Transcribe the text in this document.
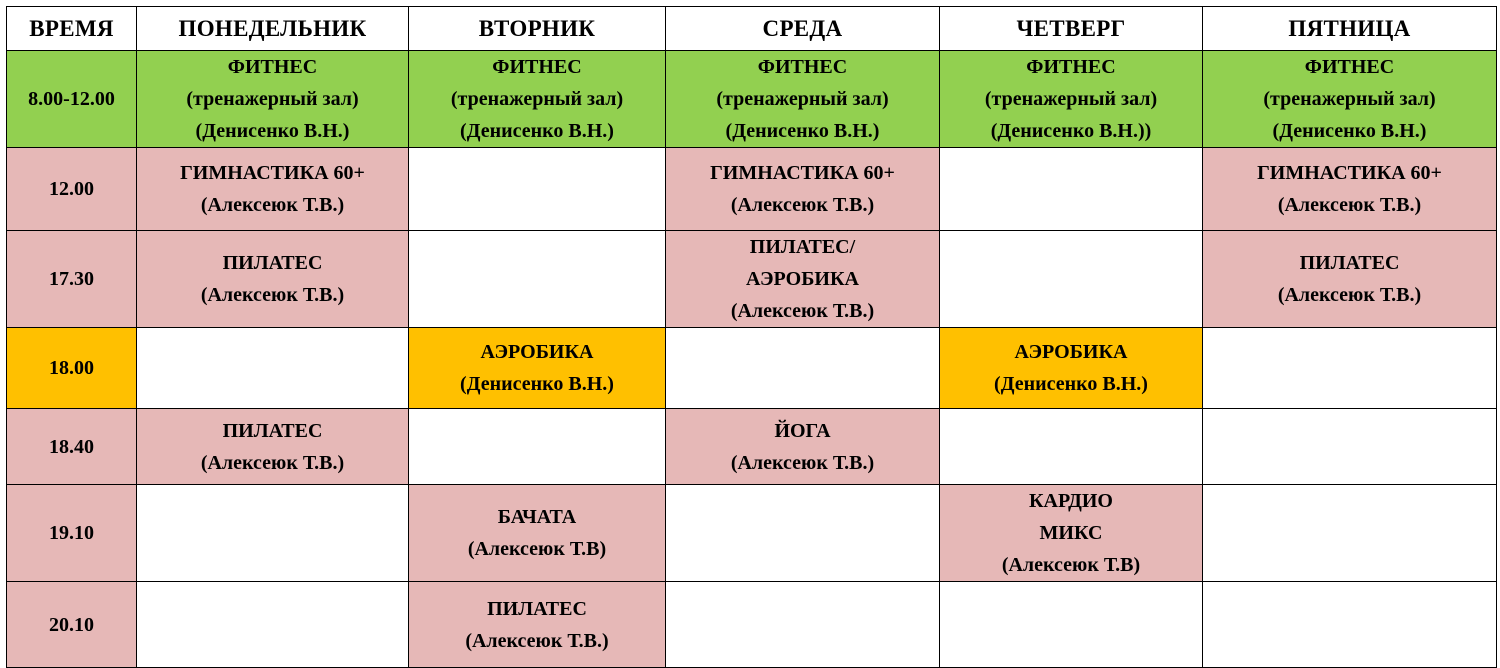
ВРЕМЯ	ПОНЕДЕЛЬНИК	ВТОРНИК	СРЕДА	ЧЕТВЕРГ	ПЯТНИЦА
8.00-12.00	ФИТНЕС
(тренажерный зал)
(Денисенко В.Н.)	ФИТНЕС
(тренажерный зал)
(Денисенко В.Н.)	ФИТНЕС
(тренажерный зал)
(Денисенко В.Н.)	ФИТНЕС
(тренажерный зал)
(Денисенко В.Н.))	ФИТНЕС
(тренажерный зал)
(Денисенко В.Н.)

12.00	ГИМНАСТИКА 60+
(Алексеюк Т.В.)		ГИМНАСТИКА 60+
(Алексеюк Т.В.)		ГИМНАСТИКА 60+
(Алексеюк Т.В.)

17.30	ПИЛАТЕС
(Алексеюк Т.В.)		ПИЛАТЕС/
АЭРОБИКА
(Алексеюк Т.В.)		ПИЛАТЕС
(Алексеюк Т.В.)

18.00		АЭРОБИКА
(Денисенко В.Н.)		АЭРОБИКА
(Денисенко В.Н.)	

18.40	ПИЛАТЕС
(Алексеюк Т.В.)		ЙОГА
(Алексеюк Т.В.)		

19.10		БАЧАТА
(Алексеюк Т.В)		КАРДИО
МИКС
(Алексеюк Т.В)	

20.10		ПИЛАТЕС
(Алексеюк Т.В.)			
